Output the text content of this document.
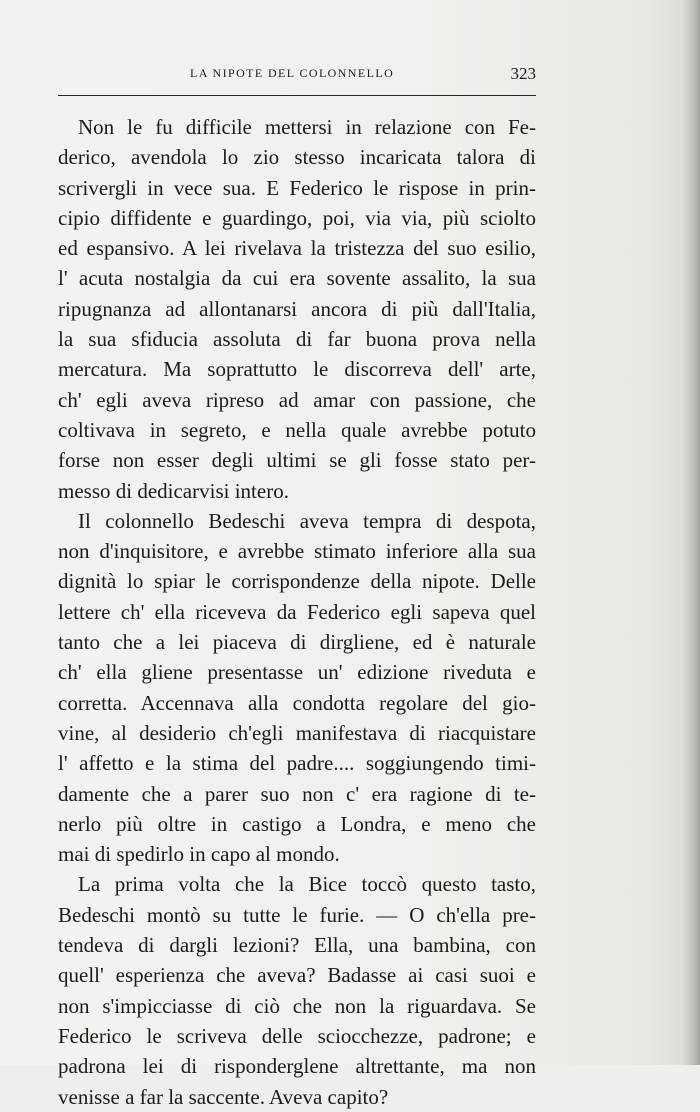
LA NIPOTE DEL COLONNELLO	323
Non le fu difficile mettersi in relazione con Fe-
derico, avendola lo zio stesso incaricata talora di
scrivergli in vece sua. E Federico le rispose in prin-
cipio diffidente e guardingo, poi, via via, più sciolto
ed espansivo. A lei rivelava la tristezza del suo esilio,
l' acuta nostalgia da cui era sovente assalito, la sua
ripugnanza ad allontanarsi ancora di più dall'Italia,
la sua sfiducia assoluta di far buona prova nella
mercatura. Ma soprattutto le discorreva dell' arte,
ch' egli aveva ripreso ad amar con passione, che
coltivava in segreto, e nella quale avrebbe potuto
forse non esser degli ultimi se gli fosse stato per-
messo di dedicarvisi intero.
Il colonnello Bedeschi aveva tempra di despota,
non d'inquisitore, e avrebbe stimato inferiore alla sua
dignità lo spiar le corrispondenze della nipote. Delle
lettere ch' ella riceveva da Federico egli sapeva quel
tanto che a lei piaceva di dirgliene, ed è naturale
ch' ella gliene presentasse un' edizione riveduta e
corretta. Accennava alla condotta regolare del gio-
vine, al desiderio ch'egli manifestava di riacquistare
l' affetto e la stima del padre.... soggiungendo timi-
damente che a parer suo non c' era ragione di te-
nerlo più oltre in castigo a Londra, e meno che
mai di spedirlo in capo al mondo.
La prima volta che la Bice toccò questo tasto,
Bedeschi montò su tutte le furie. — O ch'ella pre-
tendeva di dargli lezioni? Ella, una bambina, con
quell' esperienza che aveva? Badasse ai casi suoi e
non s'impicciasse di ciò che non la riguardava. Se
Federico le scriveva delle sciocchezze, padrone; e
padrona lei di risponderglene altrettante, ma non
venisse a far la saccente. Aveva capito?
